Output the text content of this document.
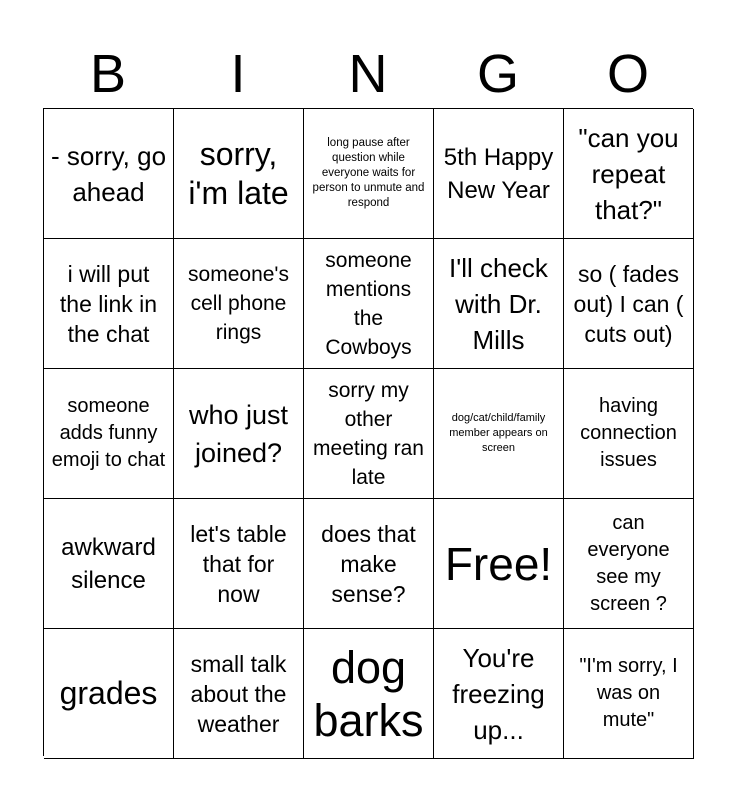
B	I	N	G	O
- sorry, go ahead
sorry, i'm late
long pause after question while everyone waits for person to unmute and respond
5th Happy New Year
"can you repeat that?"
i will put the link in the chat
someone's cell phone rings
someone mentions the Cowboys
I'll check with Dr. Mills
so ( fades out) I can ( cuts out)
someone adds funny emoji to chat
who just joined?
sorry my other meeting ran late
dog/cat/child/family member appears on screen
having connection issues
awkward silence
let's table that for now
does that make sense?
Free!
can everyone see my screen ?
grades
small talk about the weather
dog barks
You're freezing up...
"I'm sorry, I was on mute"
